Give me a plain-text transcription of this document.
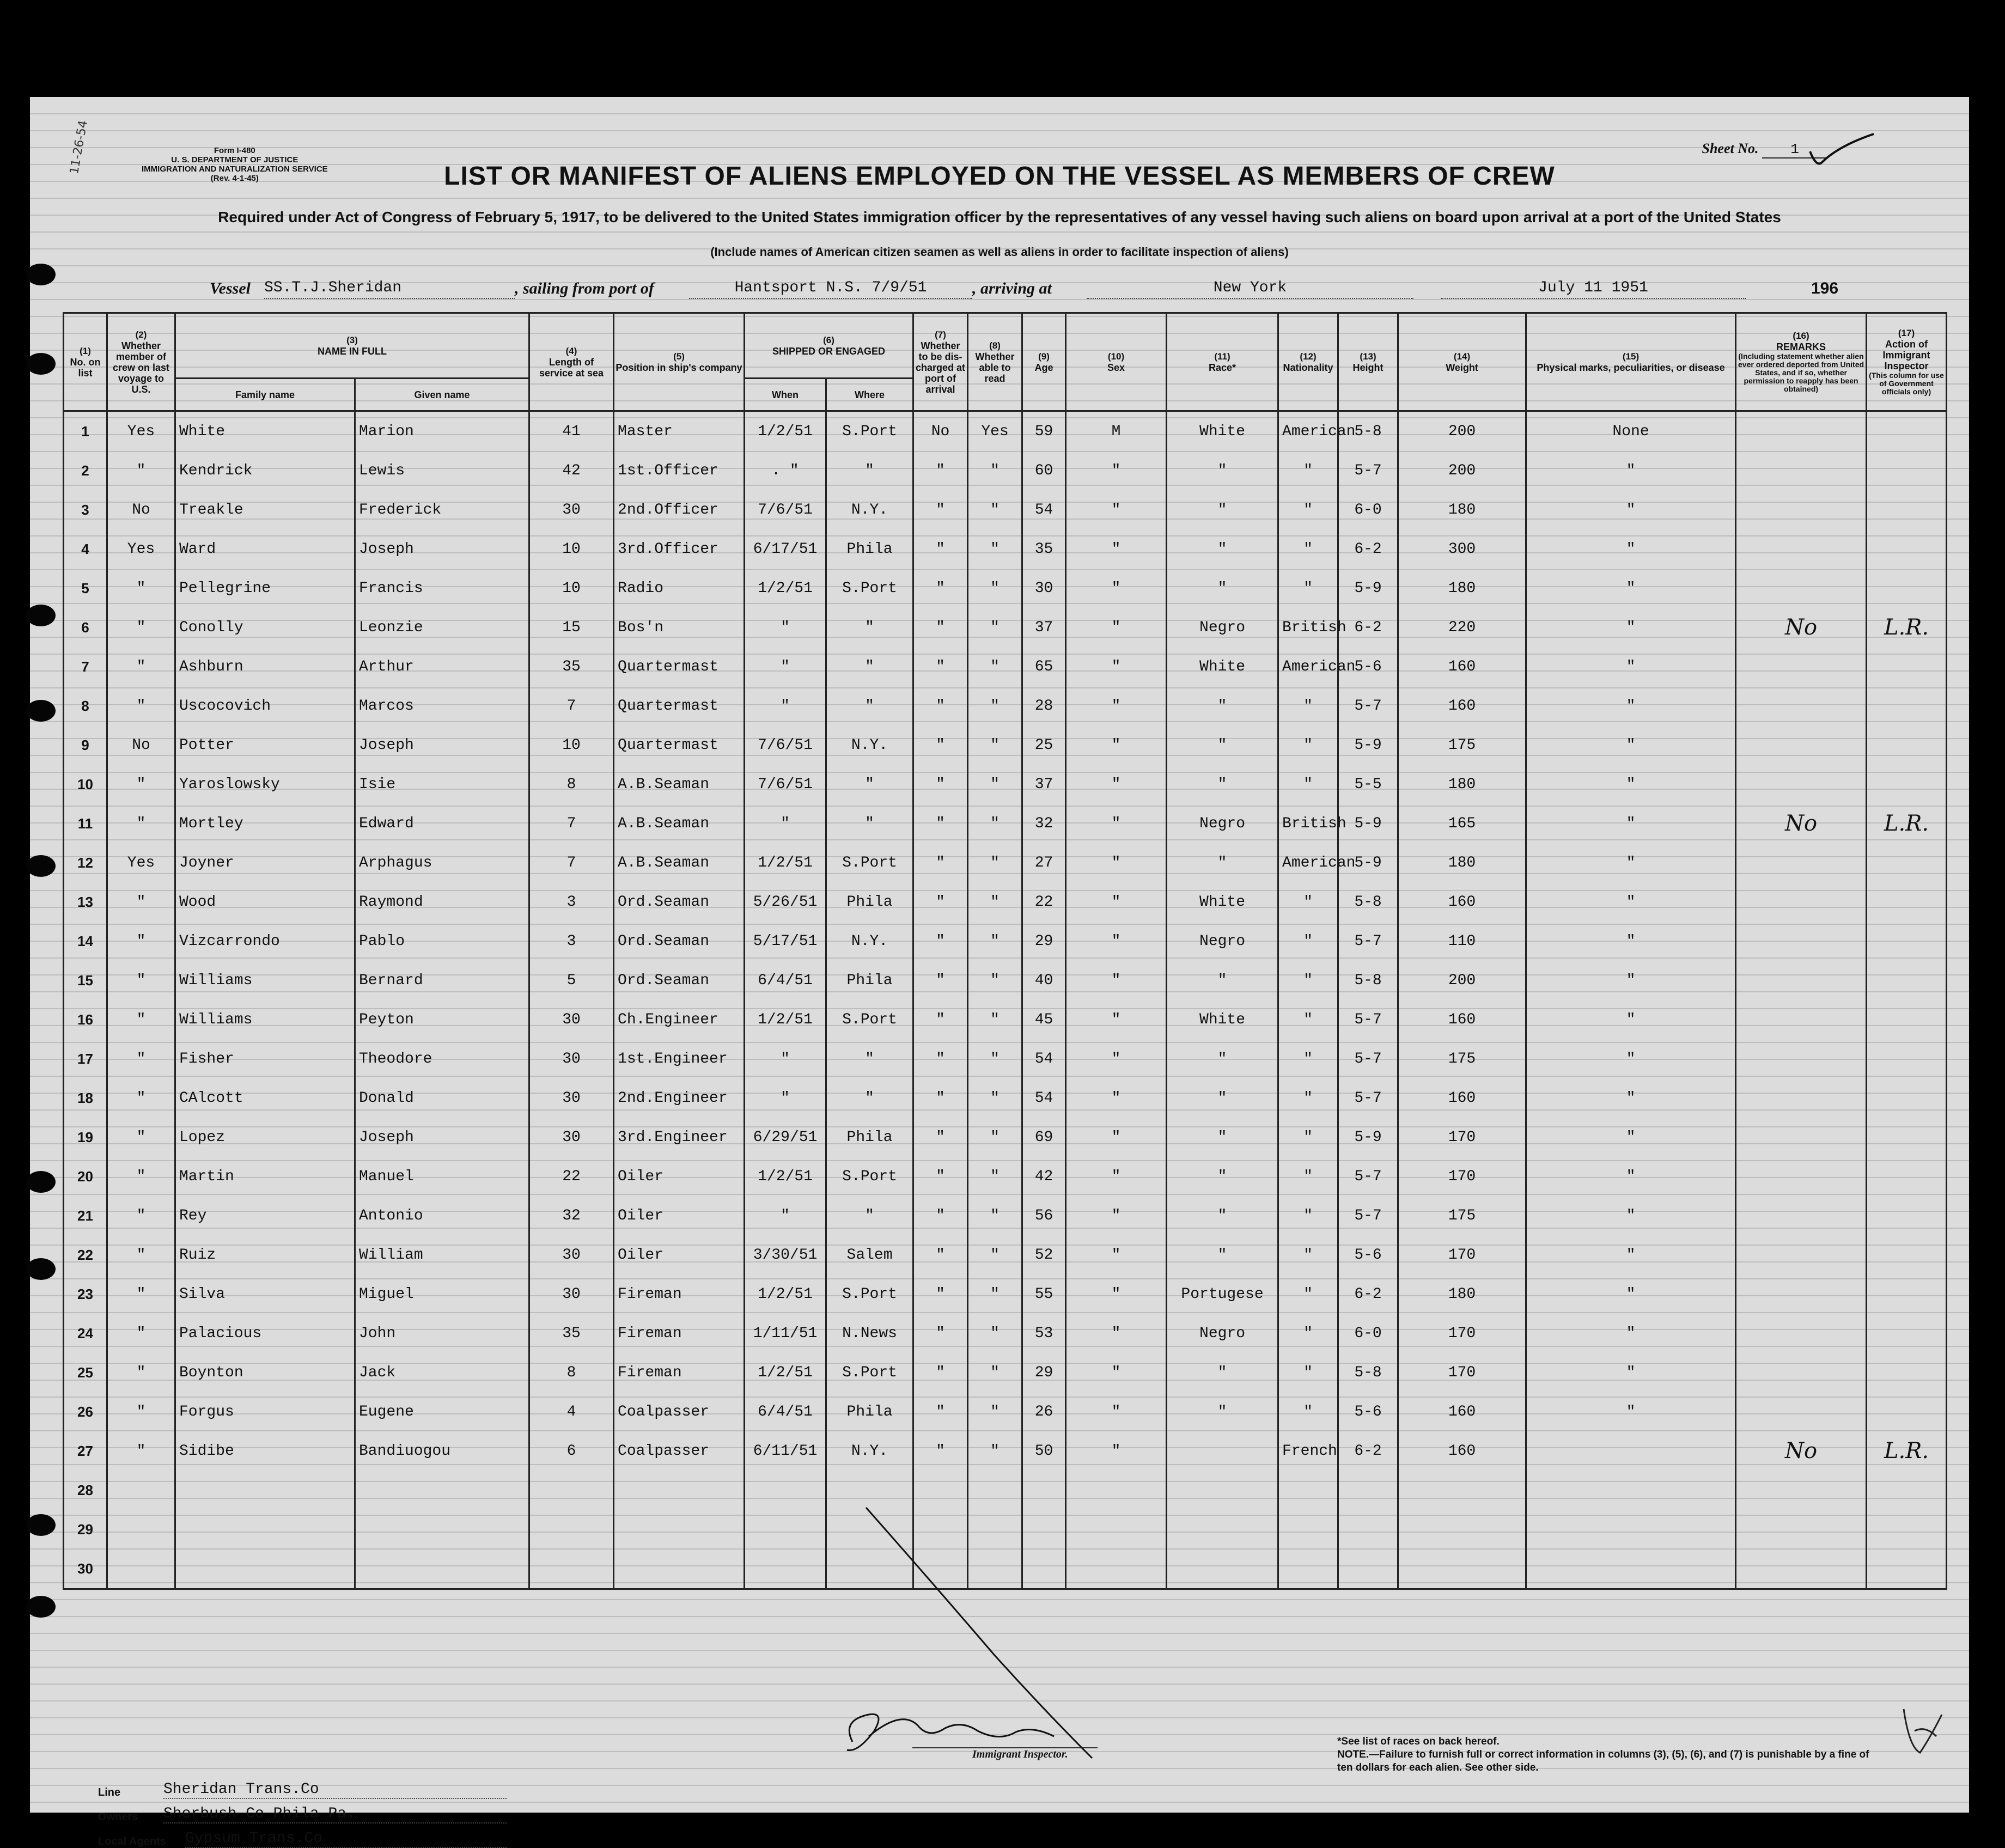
11-26-54	Form I-480
U. S. DEPARTMENT OF JUSTICE
IMMIGRATION AND NATURALIZATION SERVICE
(Rev. 4-1-45)
Sheet No. 1
LIST OR MANIFEST OF ALIENS EMPLOYED ON THE VESSEL AS MEMBERS OF CREW
Required under Act of Congress of February 5, 1917, to be delivered to the United States immigration officer by the representatives of any vessel having such aliens on board upon arrival at a port of the United States
(Include names of American citizen seamen as well as aliens in order to facilitate inspection of aliens)
Vessel SS.T.J.Sheridan	, sailing from port of	Hantsport N.S. 7/9/51	, arriving at	New York	July 11 1951	196
(1)
No. on list	(2)
Whether member of crew on last voyage to U.S.	(3)
NAME IN FULL		(4)
Length of service at sea	(5)
Position in ship's company	(6)
SHIPPED OR ENGAGED		(7)
Whether to be dis-charged at port of arrival	(8)
Whether able to read	(9)
Age	(10)
Sex	(11)
Race*	(12)
Nationality	(13)
Height	(14)
Weight	(15)
Physical marks, peculiarities, or disease	(16)
REMARKS
(Including statement whether alien ever ordered deported from United States, and if so, whether permission to reapply has been obtained)	(17)
Action of Immigrant Inspector
(This column for use of Government officials only)

		Family name	Given name			When	Where											
1	Yes	White	Marion	41	Master	1/2/51	S.Port	No	Yes	59	M	White	American	5-8	200	None		
2	"	Kendrick	Lewis	42	1st.Officer	. "	"	"	"	60	"	"	"	5-7	200	"		
3	No	Treakle	Frederick	30	2nd.Officer	7/6/51	N.Y.	"	"	54	"	"	"	6-0	180	"		
4	Yes	Ward	Joseph	10	3rd.Officer	6/17/51	Phila	"	"	35	"	"	"	6-2	300	"		
5	"	Pellegrine	Francis	10	Radio	1/2/51	S.Port	"	"	30	"	"	"	5-9	180	"		
6	"	Conolly	Leonzie	15	Bos'n	"	"	"	"	37	"	Negro	British	6-2	220	"	No	L.R.
7	"	Ashburn	Arthur	35	Quartermast	"	"	"	"	65	"	White	American	5-6	160	"		
8	"	Uscocovich	Marcos	7	Quartermast	"	"	"	"	28	"	"	"	5-7	160	"		
9	No	Potter	Joseph	10	Quartermast	7/6/51	N.Y.	"	"	25	"	"	"	5-9	175	"		
10	"	Yaroslowsky	Isie	8	A.B.Seaman	7/6/51	"	"	"	37	"	"	"	5-5	180	"		
11	"	Mortley	Edward	7	A.B.Seaman	"	"	"	"	32	"	Negro	British	5-9	165	"	No	L.R.
12	Yes	Joyner	Arphagus	7	A.B.Seaman	1/2/51	S.Port	"	"	27	"	"	American	5-9	180	"		
13	"	Wood	Raymond	3	Ord.Seaman	5/26/51	Phila	"	"	22	"	White	"	5-8	160	"		
14	"	Vizcarrondo	Pablo	3	Ord.Seaman	5/17/51	N.Y.	"	"	29	"	Negro	"	5-7	110	"		
15	"	Williams	Bernard	5	Ord.Seaman	6/4/51	Phila	"	"	40	"	"	"	5-8	200	"		
16	"	Williams	Peyton	30	Ch.Engineer	1/2/51	S.Port	"	"	45	"	White	"	5-7	160	"		
17	"	Fisher	Theodore	30	1st.Engineer	"	"	"	"	54	"	"	"	5-7	175	"		
18	"	CAlcott	Donald	30	2nd.Engineer	"	"	"	"	54	"	"	"	5-7	160	"		
19	"	Lopez	Joseph	30	3rd.Engineer	6/29/51	Phila	"	"	69	"	"	"	5-9	170	"		
20	"	Martin	Manuel	22	Oiler	1/2/51	S.Port	"	"	42	"	"	"	5-7	170	"		
21	"	Rey	Antonio	32	Oiler	"	"	"	"	56	"	"	"	5-7	175	"		
22	"	Ruiz	William	30	Oiler	3/30/51	Salem	"	"	52	"	"	"	5-6	170	"		
23	"	Silva	Miguel	30	Fireman	1/2/51	S.Port	"	"	55	"	Portugese	"	6-2	180	"		
24	"	Palacious	John	35	Fireman	1/11/51	N.News	"	"	53	"	Negro	"	6-0	170	"		
25	"	Boynton	Jack	8	Fireman	1/2/51	S.Port	"	"	29	"	"	"	5-8	170	"		
26	"	Forgus	Eugene	4	Coalpasser	6/4/51	Phila	"	"	26	"	"	"	5-6	160	"		
27	"	Sidibe	Bandiuogou	6	Coalpasser	6/11/51	N.Y.	"	"	50	"		French	6-2	160		No	L.R.
28																		
29																		
30																		
Line	Sheridan Trans.Co
Owners Sherbush Co Phila Pa.
Local Agents Gypsum Trans.Co
Immigrant Inspector.
*See list of races on back hereof.
NOTE.—Failure to furnish full or correct information in columns (3), (5), (6), and (7) is punishable by a fine of ten dollars for each alien. See other side.
